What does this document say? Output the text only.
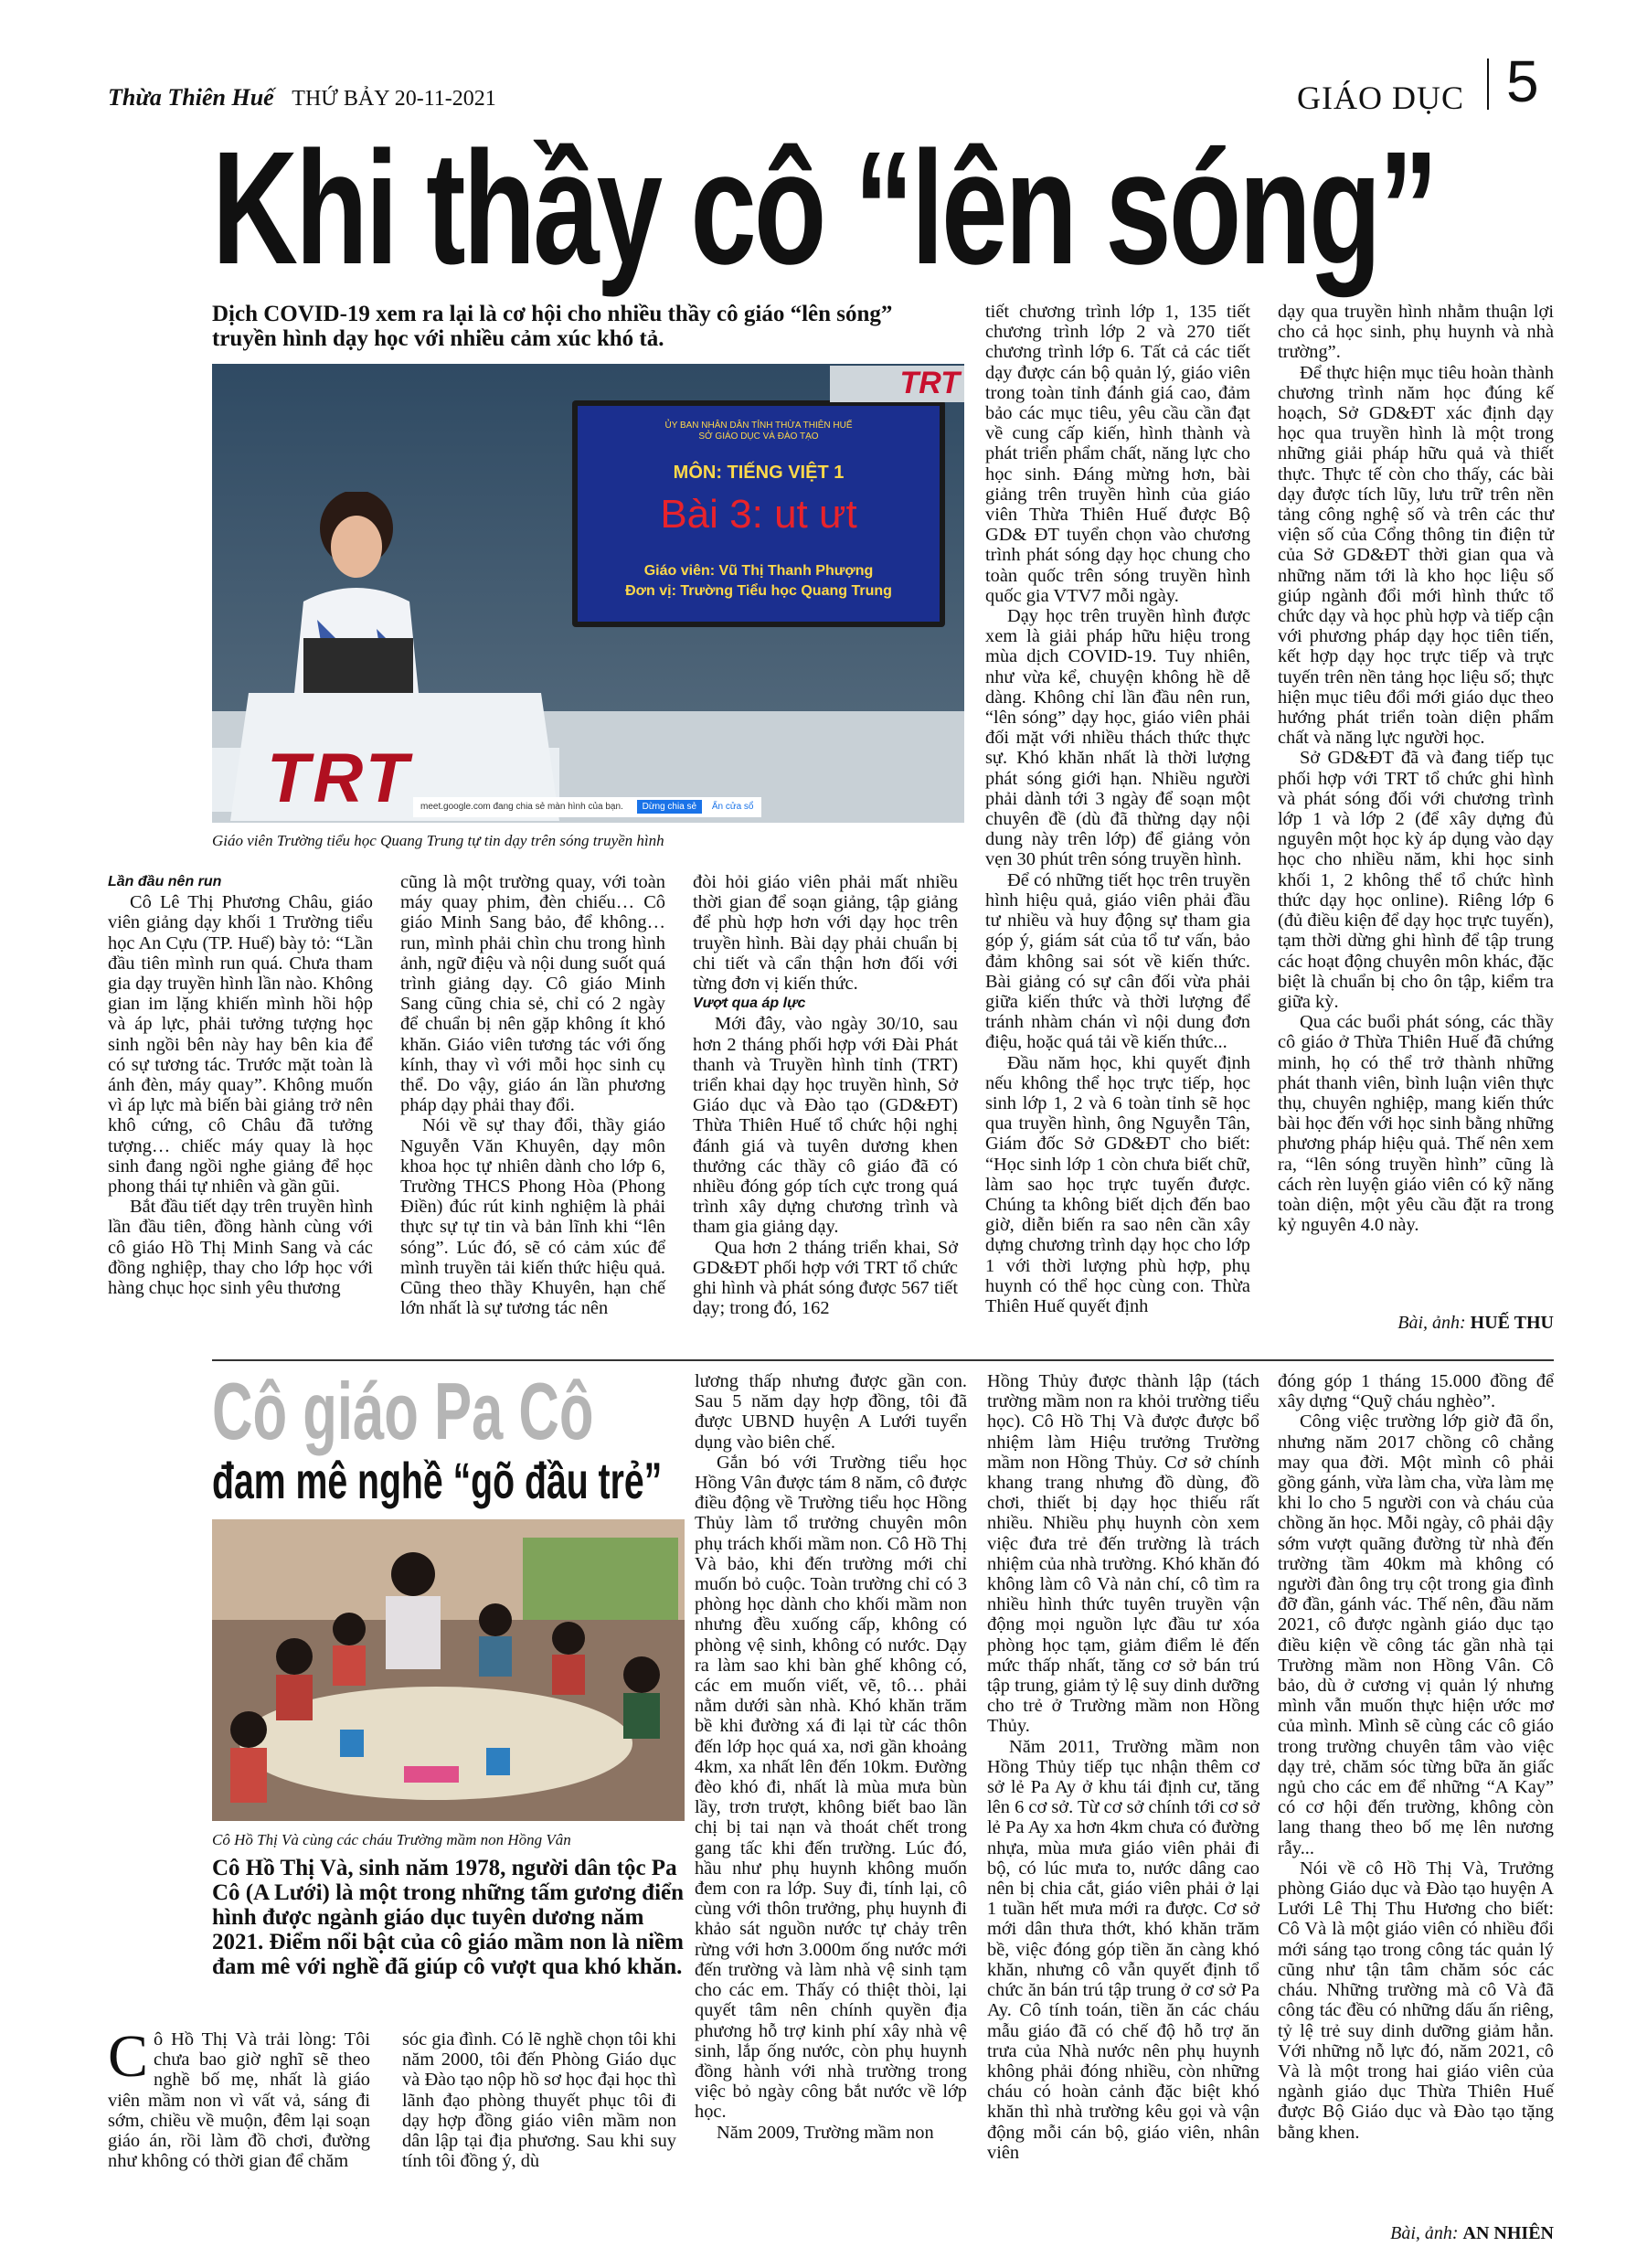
Thừa Thiên Huế THỨ BẢY 20-11-2021	GIÁO DỤC 5
Khi thầy cô “lên sóng”
Dịch COVID-19 xem ra lại là cơ hội cho nhiều thầy cô giáo “lên sóng” truyền hình dạy học với nhiều cảm xúc khó tả.
ỦY BAN NHÂN DÂN TỈNH THỪA THIÊN HUẾ
SỞ GIÁO DỤC VÀ ĐÀO TẠO
MÔN: TIẾNG VIỆT 1
Bài 3: ut ưt
Giáo viên: Vũ Thị Thanh Phượng
Đơn vị: Trường Tiểu học Quang Trung
TRT
TRT meet.google.com đang chia sẻ màn hình của bạn. Dừng chia sẻ Ẩn cửa sổ
Giáo viên Trường tiểu học Quang Trung tự tin dạy trên sóng truyền hình

Lần đầu nên run

Cô Lê Thị Phương Châu, giáo viên giảng dạy khối 1 Trường tiểu học An Cựu (TP. Huế) bày tỏ: “Lần đầu tiên mình run quá. Chưa tham gia dạy truyền hình lần nào. Không gian im lặng khiến mình hồi hộp và áp lực, phải tưởng tượng học sinh ngồi bên này hay bên kia để có sự tương tác. Trước mặt toàn là ánh đèn, máy quay”. Không muốn vì áp lực mà biến bài giảng trở nên khô cứng, cô Châu đã tưởng tượng… chiếc máy quay là học sinh đang ngồi nghe giảng để học phong thái tự nhiên và gần gũi.

Bắt đầu tiết dạy trên truyền hình lần đầu tiên, đồng hành cùng với cô giáo Hồ Thị Minh Sang và các đồng nghiệp, thay cho lớp học với hàng chục học sinh yêu thương

cũng là một trường quay, với toàn máy quay phim, đèn chiếu… Cô giáo Minh Sang bảo, để không… run, mình phải chìn chu trong hình ảnh, ngữ điệu và nội dung suốt quá trình giảng dạy. Cô giáo Minh Sang cũng chia sẻ, chỉ có 2 ngày để chuẩn bị nên gặp không ít khó khăn. Giáo viên tương tác với ống kính, thay vì với mỗi học sinh cụ thể. Do vậy, giáo án lần phương pháp dạy phải thay đổi.

Nói về sự thay đổi, thầy giáo Nguyễn Văn Khuyên, dạy môn khoa học tự nhiên dành cho lớp 6, Trường THCS Phong Hòa (Phong Điền) đúc rút kinh nghiệm là phải thực sự tự tin và bản lĩnh khi “lên sóng”. Lúc đó, sẽ có cảm xúc để mình truyền tải kiến thức hiệu quả. Cũng theo thầy Khuyên, hạn chế lớn nhất là sự tương tác nên

đòi hỏi giáo viên phải mất nhiều thời gian để soạn giảng, tập giảng để phù hợp hơn với dạy học trên truyền hình. Bài dạy phải chuẩn bị chi tiết và cẩn thận hơn đối với từng đơn vị kiến thức.

Vượt qua áp lực

Mới đây, vào ngày 30/10, sau hơn 2 tháng phối hợp với Đài Phát thanh và Truyền hình tỉnh (TRT) triển khai dạy học truyền hình, Sở Giáo dục và Đào tạo (GD&ĐT) Thừa Thiên Huế tổ chức hội nghị đánh giá và tuyên dương khen thưởng các thầy cô giáo đã có nhiều đóng góp tích cực trong quá trình xây dựng chương trình và tham gia giảng dạy.

Qua hơn 2 tháng triển khai, Sở GD&ĐT phối hợp với TRT tổ chức ghi hình và phát sóng được 567 tiết dạy; trong đó, 162

tiết chương trình lớp 1, 135 tiết chương trình lớp 2 và 270 tiết chương trình lớp 6. Tất cả các tiết dạy được cán bộ quản lý, giáo viên trong toàn tỉnh đánh giá cao, đảm bảo các mục tiêu, yêu cầu cần đạt về cung cấp kiến, hình thành và phát triển phẩm chất, năng lực cho học sinh. Đáng mừng hơn, bài giảng trên truyền hình của giáo viên Thừa Thiên Huế được Bộ GD& ĐT tuyển chọn vào chương trình phát sóng dạy học chung cho toàn quốc trên sóng truyền hình quốc gia VTV7 mỗi ngày.

Dạy học trên truyền hình được xem là giải pháp hữu hiệu trong mùa dịch COVID-19. Tuy nhiên, như vừa kể, chuyện không hề dễ dàng. Không chỉ lần đầu nên run, “lên sóng” dạy học, giáo viên phải đối mặt với nhiều thách thức thực sự. Khó khăn nhất là thời lượng phát sóng giới hạn. Nhiều người phải dành tới 3 ngày để soạn một chuyên đề (dù đã thừng dạy nội dung này trên lớp) để giảng vỏn vẹn 30 phút trên sóng truyền hình.

Để có những tiết học trên truyền hình hiệu quả, giáo viên phải đầu tư nhiều và huy động sự tham gia góp ý, giám sát của tổ tư vấn, bảo đảm không sai sót về kiến thức. Bài giảng có sự cân đối vừa phải giữa kiến thức và thời lượng để tránh nhàm chán vì nội dung đơn điệu, hoặc quá tải về kiến thức...

Đầu năm học, khi quyết định nếu không thể học trực tiếp, học sinh lớp 1, 2 và 6 toàn tỉnh sẽ học qua truyền hình, ông Nguyễn Tân, Giám đốc Sở GD&ĐT cho biết: “Học sinh lớp 1 còn chưa biết chữ, làm sao học trực tuyến được. Chúng ta không biết dịch đến bao giờ, diễn biến ra sao nên cần xây dựng chương trình dạy học cho lớp 1 với thời lượng phù hợp, phụ huynh có thể học cùng con. Thừa Thiên Huế quyết định

dạy qua truyền hình nhằm thuận lợi cho cả học sinh, phụ huynh và nhà trường”.

Để thực hiện mục tiêu hoàn thành chương trình năm học đúng kế hoạch, Sở GD&ĐT xác định dạy học qua truyền hình là một trong những giải pháp hữu quả và thiết thực. Thực tế còn cho thấy, các bài dạy được tích lũy, lưu trữ trên nền tảng công nghệ số và trên các thư viện số của Cổng thông tin điện tử của Sở GD&ĐT thời gian qua và những năm tới là kho học liệu số giúp ngành đổi mới hình thức tổ chức dạy và học phù hợp và tiếp cận với phương pháp dạy học tiên tiến, kết hợp dạy học trực tiếp và trực tuyến trên nền tảng học liệu số; thực hiện mục tiêu đổi mới giáo dục theo hướng phát triển toàn diện phẩm chất và năng lực người học.

Sở GD&ĐT đã và đang tiếp tục phối hợp với TRT tổ chức ghi hình và phát sóng đối với chương trình lớp 1 và lớp 2 (để xây dựng đủ nguyên một học kỳ áp dụng vào dạy học cho nhiều năm, khi học sinh khối 1, 2 không thể tổ chức hình thức dạy học online). Riêng lớp 6 (đủ điều kiện để dạy học trực tuyến), tạm thời dừng ghi hình để tập trung các hoạt động chuyên môn khác, đặc biệt là chuẩn bị cho ôn tập, kiểm tra giữa kỳ.

Qua các buổi phát sóng, các thầy cô giáo ở Thừa Thiên Huế đã chứng minh, họ có thể trở thành những phát thanh viên, bình luận viên thực thụ, chuyên nghiệp, mang kiến thức bài học đến với học sinh bằng những phương pháp hiệu quả. Thế nên xem ra, “lên sóng truyền hình” cũng là cách rèn luyện giáo viên có kỹ năng toàn diện, một yêu cầu đặt ra trong kỷ nguyên 4.0 này.

Bài, ảnh: HUẾ THU
Cô giáo Pa Cô
đam mê nghề “gõ đầu trẻ”
Cô Hồ Thị Và cùng các cháu Trường mầm non Hồng Vân
Cô Hồ Thị Và, sinh năm 1978, người dân tộc Pa Cô (A Lưới) là một trong những tấm gương điển hình được ngành giáo dục tuyên dương năm 2021. Điểm nổi bật của cô giáo mầm non là niềm đam mê với nghề đã giúp cô vượt qua khó khăn.

Cô Hồ Thị Và trải lòng: Tôi chưa bao giờ nghĩ sẽ theo nghề bố mẹ, nhất là giáo viên mầm non vì vất vả, sáng đi sớm, chiều về muộn, đêm lại soạn giáo án, rồi làm đồ chơi, đường như không có thời gian để chăm

sóc gia đình. Có lẽ nghề chọn tôi khi năm 2000, tôi đến Phòng Giáo dục và Đào tạo nộp hồ sơ học đại học thì lãnh đạo phòng thuyết phục tôi đi dạy hợp đồng giáo viên mầm non dân lập tại địa phương. Sau khi suy tính tôi đồng ý, dù

lương thấp nhưng được gần con. Sau 5 năm dạy hợp đồng, tôi đã được UBND huyện A Lưới tuyển dụng vào biên chế.

Gắn bó với Trường tiểu học Hồng Vân được tám 8 năm, cô được điều động về Trường tiểu học Hồng Thủy làm tổ trưởng chuyên môn phụ trách khối mầm non. Cô Hồ Thị Và bảo, khi đến trường mới chỉ muốn bỏ cuộc. Toàn trường chỉ có 3 phòng học dành cho khối mầm non nhưng đều xuống cấp, không có phòng vệ sinh, không có nước. Dạy ra làm sao khi bàn ghế không có, các em muốn viết, vẽ, tô… phải nằm dưới sàn nhà. Khó khăn trăm bề khi đường xá đi lại từ các thôn đến lớp học quá xa, nơi gần khoảng 4km, xa nhất lên đến 10km. Đường đèo khó đi, nhất là mùa mưa bùn lầy, trơn trượt, không biết bao lần chị bị tai nạn và thoát chết trong gang tấc khi đến trường. Lúc đó, hầu như phụ huynh không muốn đem con ra lớp. Suy đi, tính lại, cô cùng với thôn trưởng, phụ huynh đi khảo sát nguồn nước tự chảy trên rừng với hơn 3.000m ống nước mới đến trường và làm nhà vệ sinh tạm cho các em. Thấy có thiệt thòi, lại quyết tâm nên chính quyền địa phương hỗ trợ kinh phí xây nhà vệ sinh, lắp ống nước, còn phụ huynh đồng hành với nhà trường trong việc bỏ ngày công bắt nước về lớp học.

Năm 2009, Trường mầm non

Hồng Thủy được thành lập (tách trường mầm non ra khỏi trường tiểu học). Cô Hồ Thị Và được được bổ nhiệm làm Hiệu trưởng Trường mầm non Hồng Thủy. Cơ sở chính khang trang nhưng đồ dùng, đồ chơi, thiết bị dạy học thiếu rất nhiều. Nhiều phụ huynh còn xem việc đưa trẻ đến trường là trách nhiệm của nhà trường. Khó khăn đó không làm cô Và nản chí, cô tìm ra nhiều hình thức tuyên truyền vận động mọi nguồn lực đầu tư xóa phòng học tạm, giảm điểm lẻ đến mức thấp nhất, tăng cơ sở bán trú tập trung, giảm tỷ lệ suy dinh dưỡng cho trẻ ở Trường mầm non Hồng Thủy.

Năm 2011, Trường mầm non Hồng Thủy tiếp tục nhận thêm cơ sở lẻ Pa Ay ở khu tái định cư, tăng lên 6 cơ sở. Từ cơ sở chính tới cơ sở lẻ Pa Ay xa hơn 4km chưa có đường nhựa, mùa mưa giáo viên phải đi bộ, có lúc mưa to, nước dâng cao nên bị chia cắt, giáo viên phải ở lại 1 tuần hết mưa mới ra được. Cơ sở mới dân thưa thớt, khó khăn trăm bề, việc đóng góp tiền ăn càng khó khăn, nhưng cô vẫn quyết định tổ chức ăn bán trú tập trung ở cơ sở Pa Ay. Cô tính toán, tiền ăn các cháu mẫu giáo đã có chế độ hỗ trợ ăn trưa của Nhà nước nên phụ huynh không phải đóng nhiều, còn những cháu có hoàn cảnh đặc biệt khó khăn thì nhà trường kêu gọi và vận động mỗi cán bộ, giáo viên, nhân viên

đóng góp 1 tháng 15.000 đồng để xây dựng “Quỹ cháu nghèo”.

Công việc trường lớp giờ đã ổn, nhưng năm 2017 chồng cô chẳng may qua đời. Một mình cô phải gồng gánh, vừa làm cha, vừa làm mẹ khi lo cho 5 người con và cháu của chồng ăn học. Mỗi ngày, cô phải dậy sớm vượt quãng đường từ nhà đến trường tầm 40km mà không có người đàn ông trụ cột trong gia đình đỡ đần, gánh vác. Thế nên, đầu năm 2021, cô được ngành giáo dục tạo điều kiện về công tác gần nhà tại Trường mầm non Hồng Vân. Cô bảo, dù ở cương vị quản lý nhưng mình vẫn muốn thực hiện ước mơ của mình. Mình sẽ cùng các cô giáo trong trường chuyên tâm vào việc dạy trẻ, chăm sóc từng bữa ăn giấc ngủ cho các em để những “A Kay” có cơ hội đến trường, không còn lang thang theo bố mẹ lên nương rẫy...

Nói về cô Hồ Thị Và, Trưởng phòng Giáo dục và Đào tạo huyện A Lưới Lê Thị Thu Hương cho biết: Cô Và là một giáo viên có nhiều đổi mới sáng tạo trong công tác quản lý cũng như tận tâm chăm sóc các cháu. Những trường mà cô Và đã công tác đều có những dấu ấn riêng, tỷ lệ trẻ suy dinh dưỡng giảm hẳn. Với những nỗ lực đó, năm 2021, cô Và là một trong hai giáo viên của ngành giáo dục Thừa Thiên Huế được Bộ Giáo dục và Đào tạo tặng bằng khen.

Bài, ảnh: AN NHIÊN
